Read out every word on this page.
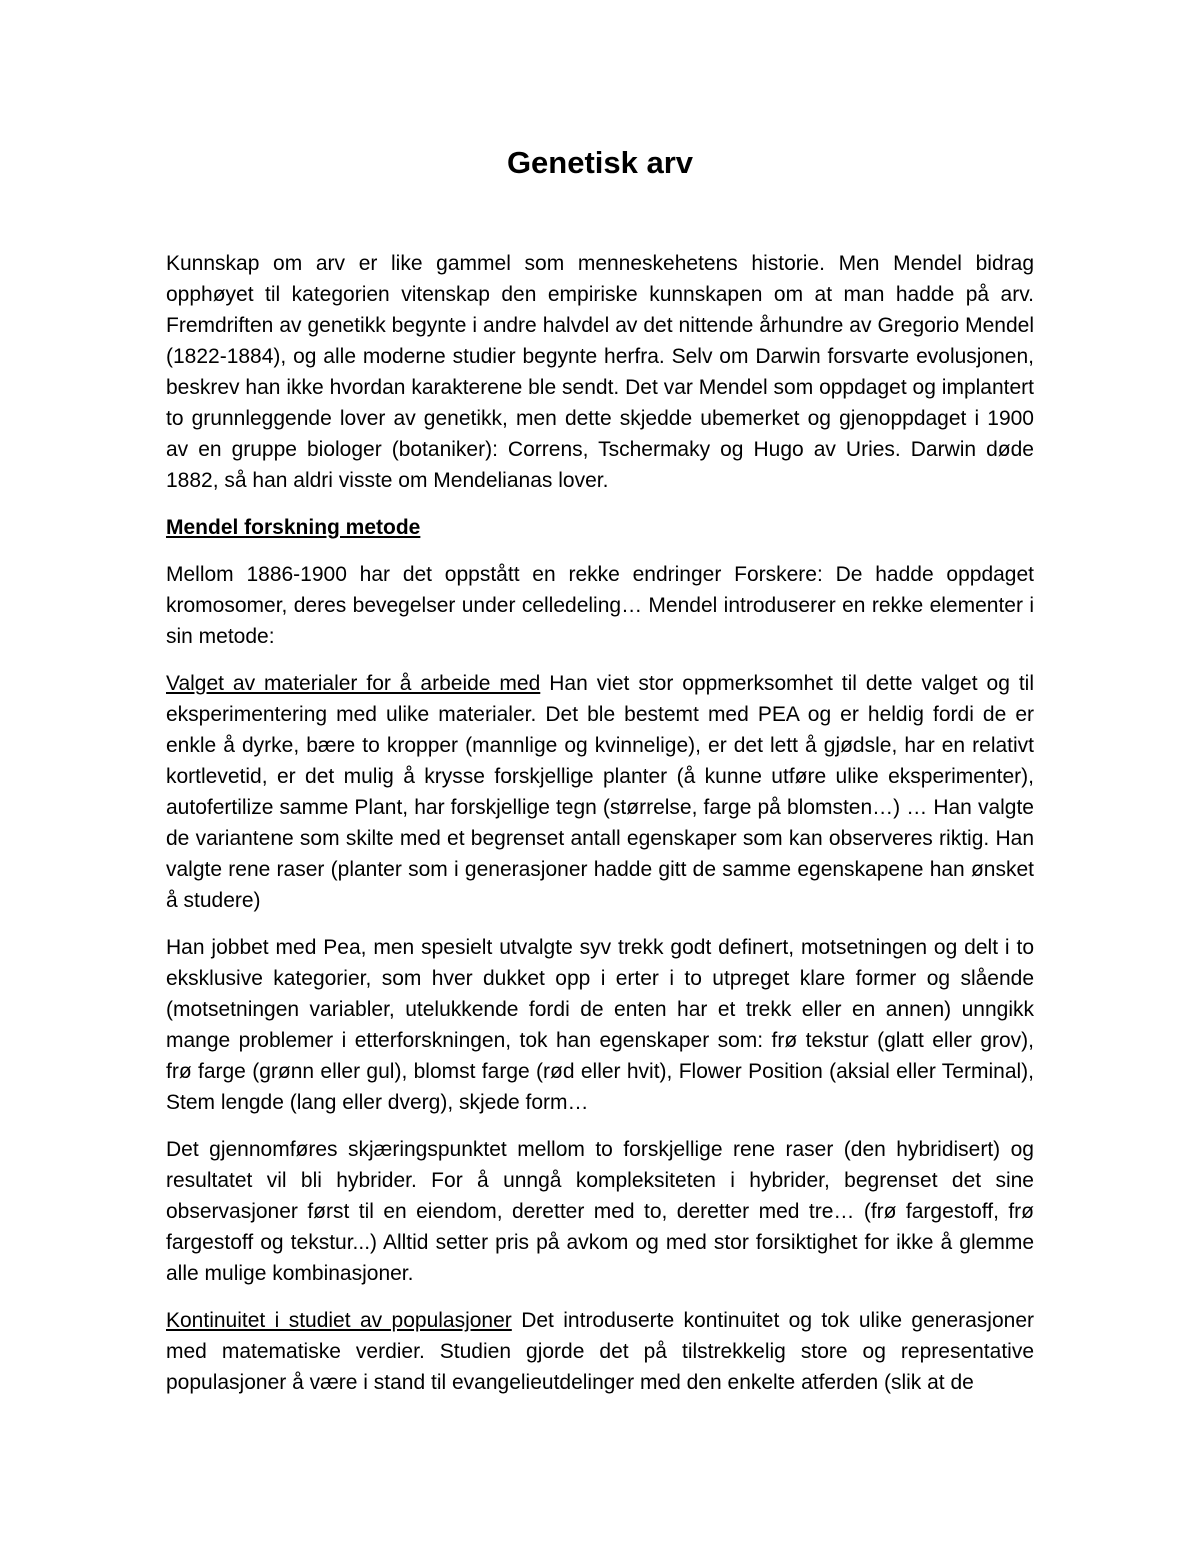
Genetisk arv

Kunnskap om arv er like gammel som menneskehetens historie. Men Mendel bidrag opphøyet til kategorien vitenskap den empiriske kunnskapen om at man hadde på arv. Fremdriften av genetikk begynte i andre halvdel av det nittende århundre av Gregorio Mendel (1822-1884), og alle moderne studier begynte herfra. Selv om Darwin forsvarte evolusjonen, beskrev han ikke hvordan karakterene ble sendt. Det var Mendel som oppdaget og implantert to grunnleggende lover av genetikk, men dette skjedde ubemerket og gjenoppdaget i 1900 av en gruppe biologer (botaniker): Correns, Tschermaky og Hugo av Uries. Darwin døde 1882, så han aldri visste om Mendelianas lover.

Mendel forskning metode

Mellom 1886-1900 har det oppstått en rekke endringer Forskere: De hadde oppdaget kromosomer, deres bevegelser under celledeling… Mendel introduserer en rekke elementer i sin metode:

Valget av materialer for å arbeide med Han viet stor oppmerksomhet til dette valget og til eksperimentering med ulike materialer. Det ble bestemt med PEA og er heldig fordi de er enkle å dyrke, bære to kropper (mannlige og kvinnelige), er det lett å gjødsle, har en relativt kortlevetid, er det mulig å krysse forskjellige planter (å kunne utføre ulike eksperimenter), autofertilize samme Plant, har forskjellige tegn (størrelse, farge på blomsten…) … Han valgte de variantene som skilte med et begrenset antall egenskaper som kan observeres riktig. Han valgte rene raser (planter som i generasjoner hadde gitt de samme egenskapene han ønsket å studere)

Han jobbet med Pea, men spesielt utvalgte syv trekk godt definert, motsetningen og delt i to eksklusive kategorier, som hver dukket opp i erter i to utpreget klare former og slående (motsetningen variabler, utelukkende fordi de enten har et trekk eller en annen) unngikk mange problemer i etterforskningen, tok han egenskaper som: frø tekstur (glatt eller grov), frø farge (grønn eller gul), blomst farge (rød eller hvit), Flower Position (aksial eller Terminal), Stem lengde (lang eller dverg), skjede form…

Det gjennomføres skjæringspunktet mellom to forskjellige rene raser (den hybridisert) og resultatet vil bli hybrider. For å unngå kompleksiteten i hybrider, begrenset det sine observasjoner først til en eiendom, deretter med to, deretter med tre… (frø fargestoff, frø fargestoff og tekstur...) Alltid setter pris på avkom og med stor forsiktighet for ikke å glemme alle mulige kombinasjoner.

Kontinuitet i studiet av populasjoner Det introduserte kontinuitet og tok ulike generasjoner med matematiske verdier. Studien gjorde det på tilstrekkelig store og representative populasjoner å være i stand til evangelieutdelinger med den enkelte atferden (slik at de
